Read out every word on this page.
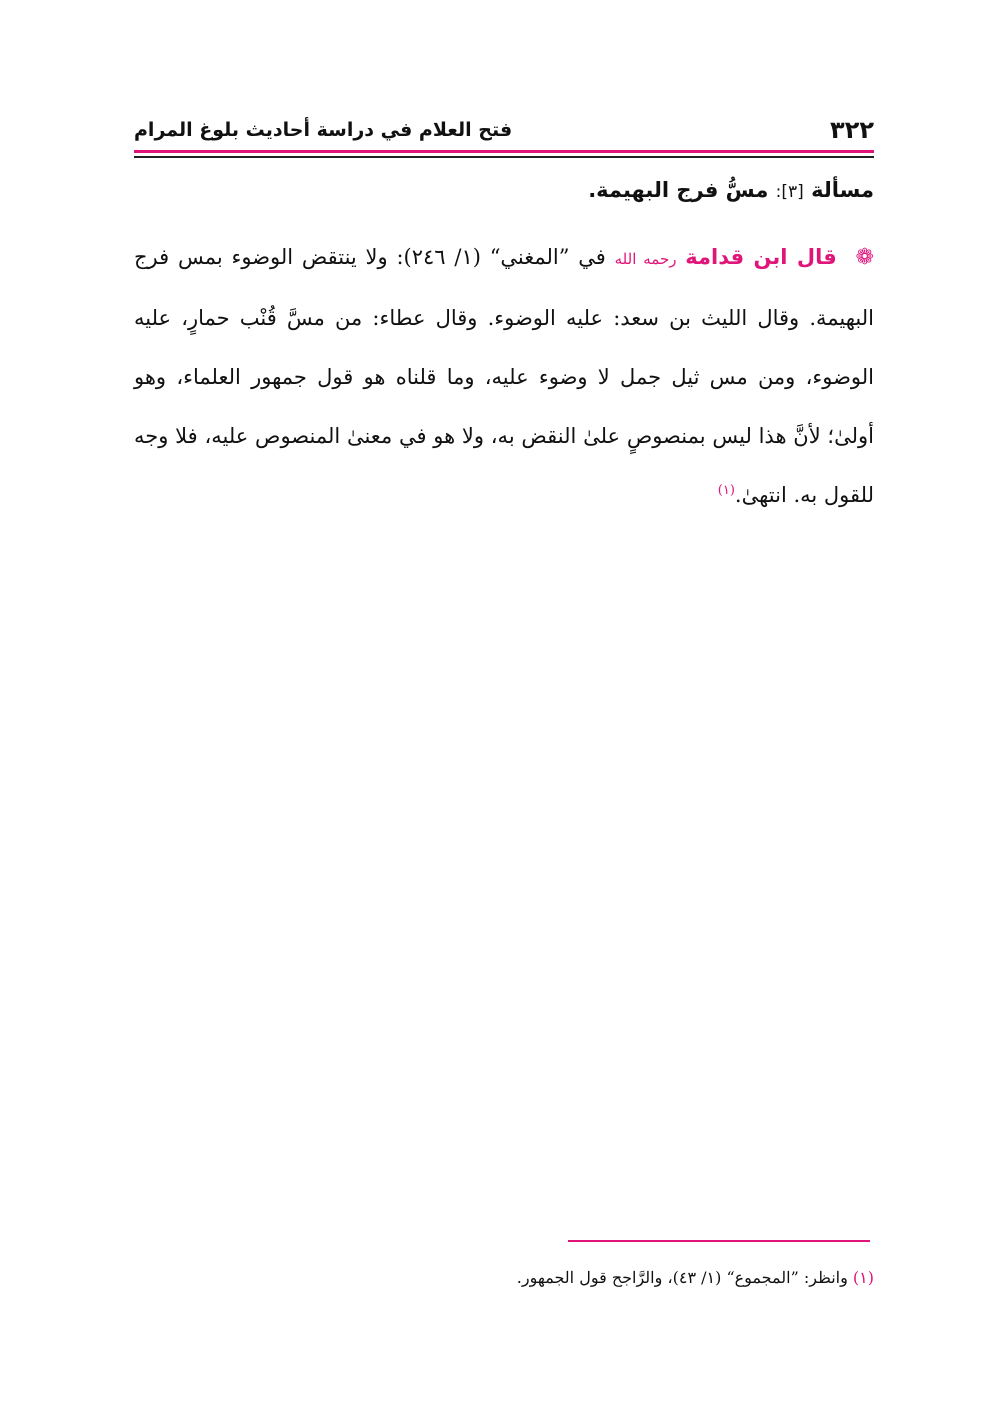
٣٢٢
فتح العلام في دراسة أحاديث بلوغ المرام
مسألة [٣]: مسُّ فرج البهيمة.
❁ قال ابن قدامة رحمه الله في ”المغني“ (١/ ٢٤٦): ولا ينتقض الوضوء بمس فرج البهيمة. وقال الليث بن سعد: عليه الوضوء. وقال عطاء: من مسَّ قُنْب حمارٍ، عليه الوضوء، ومن مس ثيل جمل لا وضوء عليه، وما قلناه هو قول جمهور العلماء، وهو أولىٰ؛ لأنَّ هذا ليس بمنصوصٍ علىٰ النقض به، ولا هو في معنىٰ المنصوص عليه، فلا وجه للقول به. انتهىٰ.$^{(١)}$
(١) وانظر: ”المجموع“ (١/ ٤٣)، والرَّاجح قول الجمهور.
